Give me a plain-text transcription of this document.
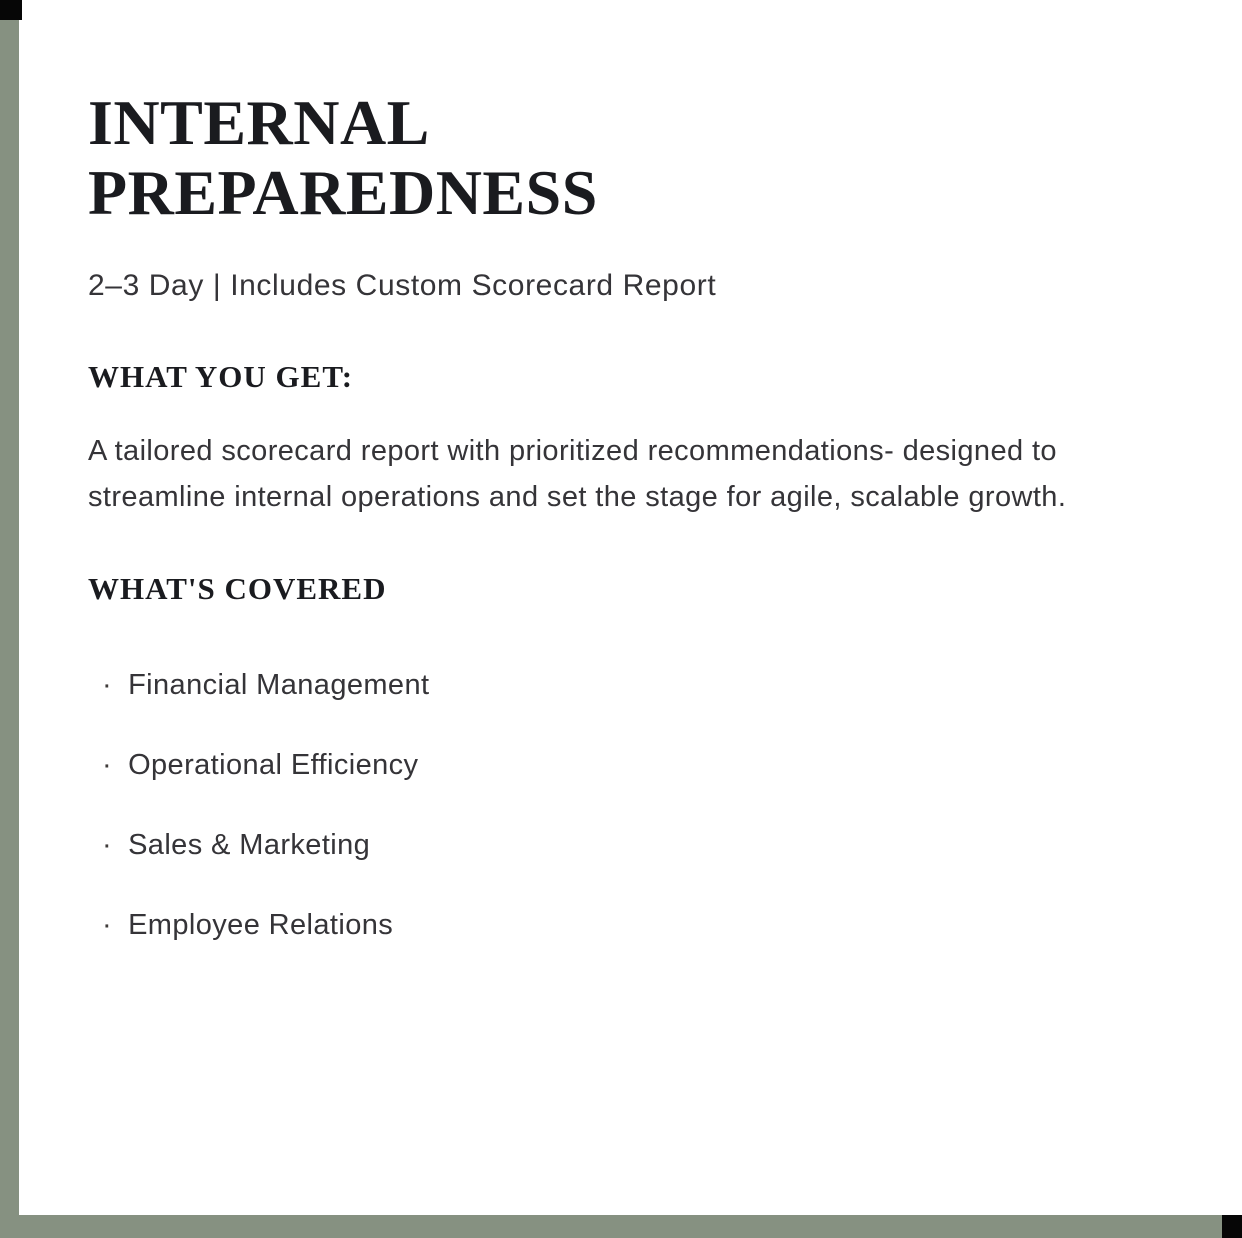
INTERNAL
PREPAREDNESS

2–3 Day | Includes Custom Scorecard Report

WHAT YOU GET:

A tailored scorecard report with prioritized recommendations- designed to streamline internal operations and set the stage for agile, scalable growth.

WHAT'S COVERED
· Financial Management
· Operational Efficiency
· Sales & Marketing
· Employee Relations
